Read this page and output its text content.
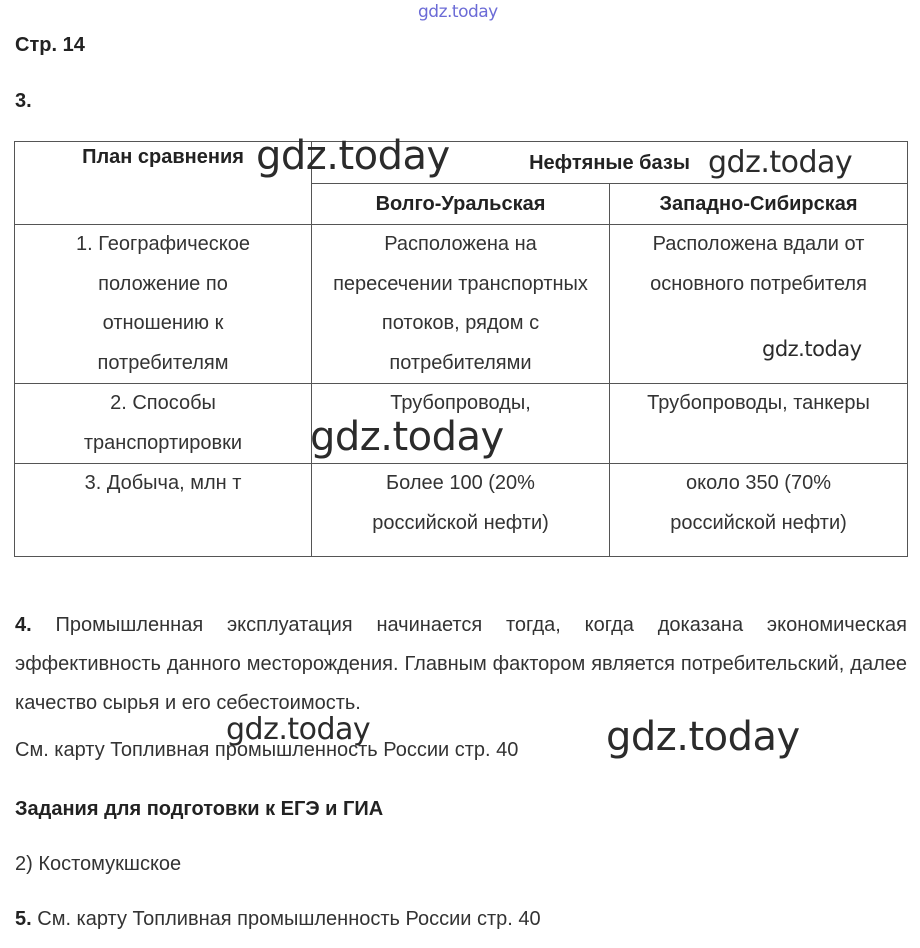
gdz.today
Стр. 14
3.
План сравнения	Нефтяные базы	
	Волго-Уральская	Западно-Сибирская
1. Географическое положение по отношению к потребителям	Расположена на пересечении транспортных потоков, рядом с потребителями	Расположена вдали от основного потребителя
2. Способы транспортировки	Трубопроводы,	Трубопроводы, танкеры
3. Добыча, млн т	Более 100 (20% российской нефти)	около 350 (70% российской нефти)
gdz.today	gdz.today
gdz.today
gdz.today
4. Промышленная эксплуатация начинается тогда, когда доказана экономическая эффективность данного месторождения. Главным фактором является потребительский, далее качество сырья и его себестоимость.
gdz.today	gdz.today
См. карту Топливная промышленность России стр. 40
Задания для подготовки к ЕГЭ и ГИА
2) Костомукшское
5. См. карту Топливная промышленность России стр. 40
